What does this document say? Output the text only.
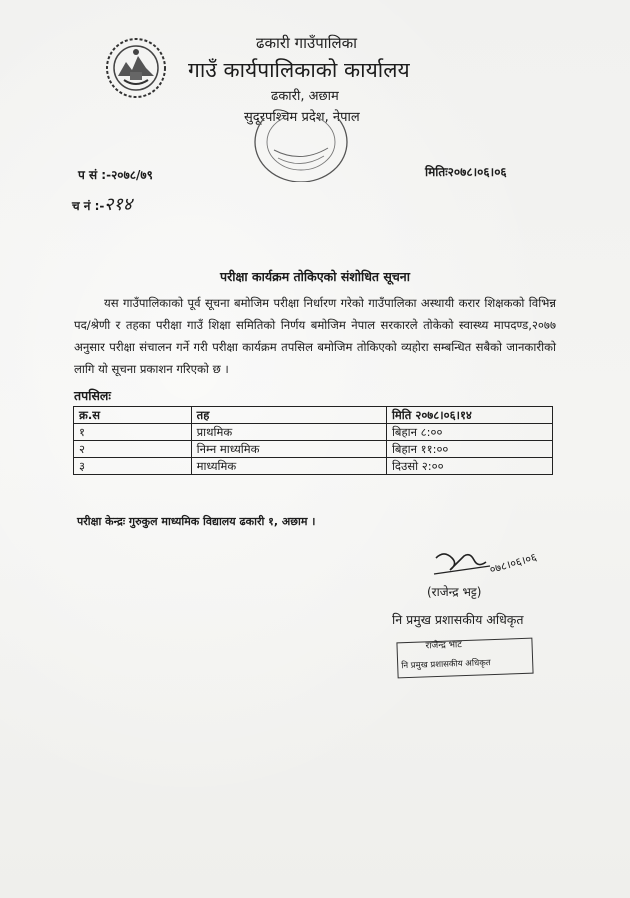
ढकारी गाउँपालिका
गाउँ कार्यपालिकाको कार्यालय
ढकारी, अछाम
सुदूरपश्चिम प्रदेश, नेपाल
प सं :-२०७८/७९	मितिः२०७८।०६।०६
च नं :- २१४
परीक्षा कार्यक्रम तोकिएको संशोधित सूचना
यस गाउँपालिकाको पूर्व सूचना बमोजिम परीक्षा निर्धारण गरेको गाउँपालिका अस्थायी करार शिक्षकको विभिन्न पद/श्रेणी र तहका परीक्षा गाउँ शिक्षा समितिको निर्णय बमोजिम नेपाल सरकारले तोकेको स्वास्थ्य मापदण्ड,२०७७ अनुसार परीक्षा संचालन गर्ने गरी परीक्षा कार्यक्रम तपसिल बमोजिम तोकिएको व्यहोरा सम्बन्धित सबैको जानकारीको लागि यो सूचना प्रकाशन गरिएको छ ।
तपसिलः
क्र.स	तह	मिति २०७८।०६।१४
१	प्राथमिक	बिहान ८:००
२	निम्न माध्यमिक	बिहान ११:००
३	माध्यमिक	दिउसो २:००
परीक्षा केन्द्रः गुरुकुल माध्यमिक विद्यालय ढकारी १, अछाम ।
०७८।०६।०६
(राजेन्द्र भट्ट)
नि प्रमुख प्रशासकीय अधिकृत
राजेन्द्र भाट
नि प्रमुख प्रशासकीय अधिकृत
